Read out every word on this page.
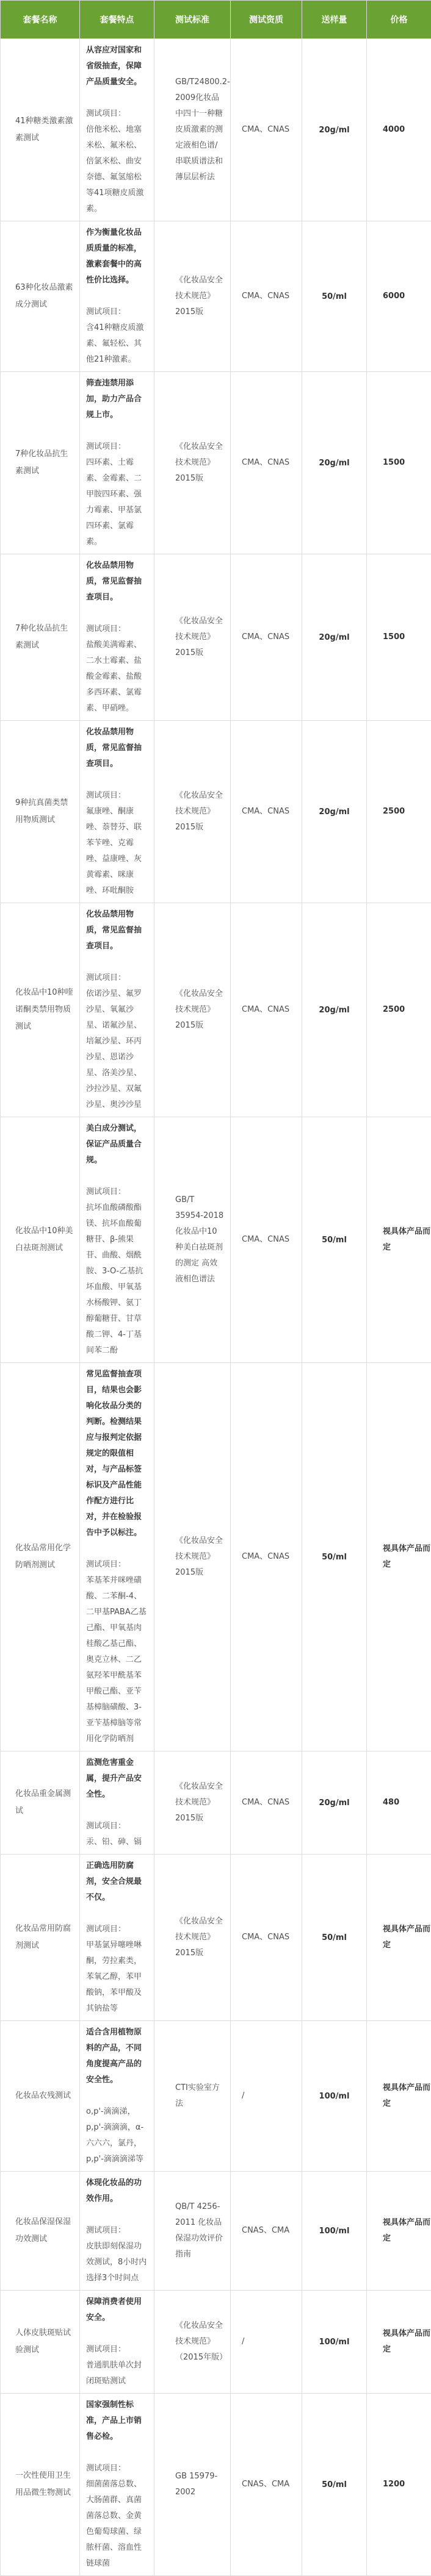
套餐名称	套餐特点	测试标准	测试资质	送样量	价格
41种糖类激素激素测试	从容应对国家和省级抽查，保障产品质量安全。
测试项目：
倍他米松、地塞米松、氟米松、倍氯米松、曲安奈德、氟氢缩松等41项糖皮质激素。	GB/T24800.2-2009化妆品中四十一种糖皮质激素的测定液相色谱/串联质谱法和薄层层析法	CMA、CNAS	20g/ml	4000
63种化妆品激素成分测试	作为衡量化妆品质质量的标准，激素套餐中的高性价比选择。
测试项目：
含41种糖皮质激素、氟轻松、其他21种激素。	《化妆品安全技术规范》2015版	CMA、CNAS	50/ml	6000
7种化妆品抗生素测试	筛查违禁用添加，助力产品合规上市。
测试项目：
四环素、土霉素、金霉素、二甲胺四环素、强力霉素、甲基氯四环素、氯霉素。	《化妆品安全技术规范》2015版	CMA、CNAS	20g/ml	1500
7种化妆品抗生素测试	化妆品禁用物质，常见监督抽查项目。
测试项目：
盐酸美满霉素、二水土霉素、盐酸金霉素、盐酸多西环素、氯霉素、甲硝唑。	《化妆品安全技术规范》2015版	CMA、CNAS	20g/ml	1500
9种抗真菌类禁用物质测试	化妆品禁用物质，常见监督抽查项目。
测试项目：
氟康唑、酮康唑、萘替芬、联苯苄唑、克霉唑、益康唑、灰黄霉素、咪康唑、环吡酮胺	《化妆品安全技术规范》2015版	CMA、CNAS	20g/ml	2500
化妆品中10种喹诺酮类禁用物质测试	化妆品禁用物质，常见监督抽查项目。
测试项目：
依诺沙星、氟罗沙星、氧氟沙星、诺氟沙星、培氟沙星、环丙沙星、恩诺沙星、洛美沙星、沙拉沙星、双氟沙星、奥沙沙星	《化妆品安全技术规范》2015版	CMA、CNAS	20g/ml	2500
化妆品中10种美白祛斑剂测试	美白成分测试，保证产品质量合规。
测试项目：
抗坏血酸磷酸酯镁、抗坏血酸葡糖苷、β-熊果苷、曲酸、烟酰胺、3-O-乙基抗坏血酸、甲氧基水杨酸钾、氨丁醇葡糖苷、甘草酸二钾、4-丁基间苯二酚	GB/T 35954-2018 化妆品中10种美白祛斑剂的测定 高效液相色谱法	CMA、CNAS	50/ml	视具体产品而定
化妆品常用化学防晒剂测试	常见监督抽查项目，结果也会影响化妆品分类的判断。检测结果应与报判定依据规定的限值相对，与产品标签标识及产品性能作配方进行比对，并在检验报告中予以标注。
测试项目：
苯基苯并咪唑磺酸、二苯酮-4、二甲基PABA乙基己酯、甲氧基肉桂酸乙基己酯、奥克立林、二乙氨羟苯甲酰基苯甲酸己酯、亚苄基樟脑磺酸、3-亚苄基樟脑等常用化学防晒剂	《化妆品安全技术规范》2015版	CMA、CNAS	50/ml	视具体产品而定
化妆品重金属测试	监测危害重金属，提升产品安全性。
测试项目：
汞、铅、砷、镉	《化妆品安全技术规范》2015版	CMA、CNAS	20g/ml	480
化妆品常用防腐剂测试	正确选用防腐剂，安全合规最不仅。
测试项目：
甲基氯异噻唑啉酮，劳拉素类，苯氧乙醇，苯甲酸钠，苯甲酸及其钠盐等	《化妆品安全技术规范》2015版	CMA、CNAS	50/ml	视具体产品而定
化妆品农残测试	适合含用植物原料的产品，不同角度提高产品的安全性。
o,p'-滴滴涕，p,p'-滴滴滴，α-六六六，氯丹，p,p'-滴滴滴涕等	CTI实验室方法	/	100/ml	视具体产品而定
化妆品保湿保湿功效测试	体现化妆品的功效作用。
测试项目：
皮肤即刻保湿功效测试，8小时内选择3个时间点	QB/T 4256-2011 化妆品保湿功效评价指南	CNAS、CMA	100/ml	视具体产品而定
人体皮肤斑贴试验测试	保障消费者使用安全。
测试项目：
普通肌肤单次封闭斑贴测试	《化妆品安全技术规范》（2015年版）	/	100/ml	视具体产品而定
一次性使用卫生用品微生物测试	国家强制性标准，产品上市销售必检。
测试项目：
细菌菌落总数、大肠菌群、真菌菌落总数、金黄色葡萄球菌、绿脓杆菌、溶血性链球菌	GB 15979-2002	CNAS、CMA	50/ml	1200
